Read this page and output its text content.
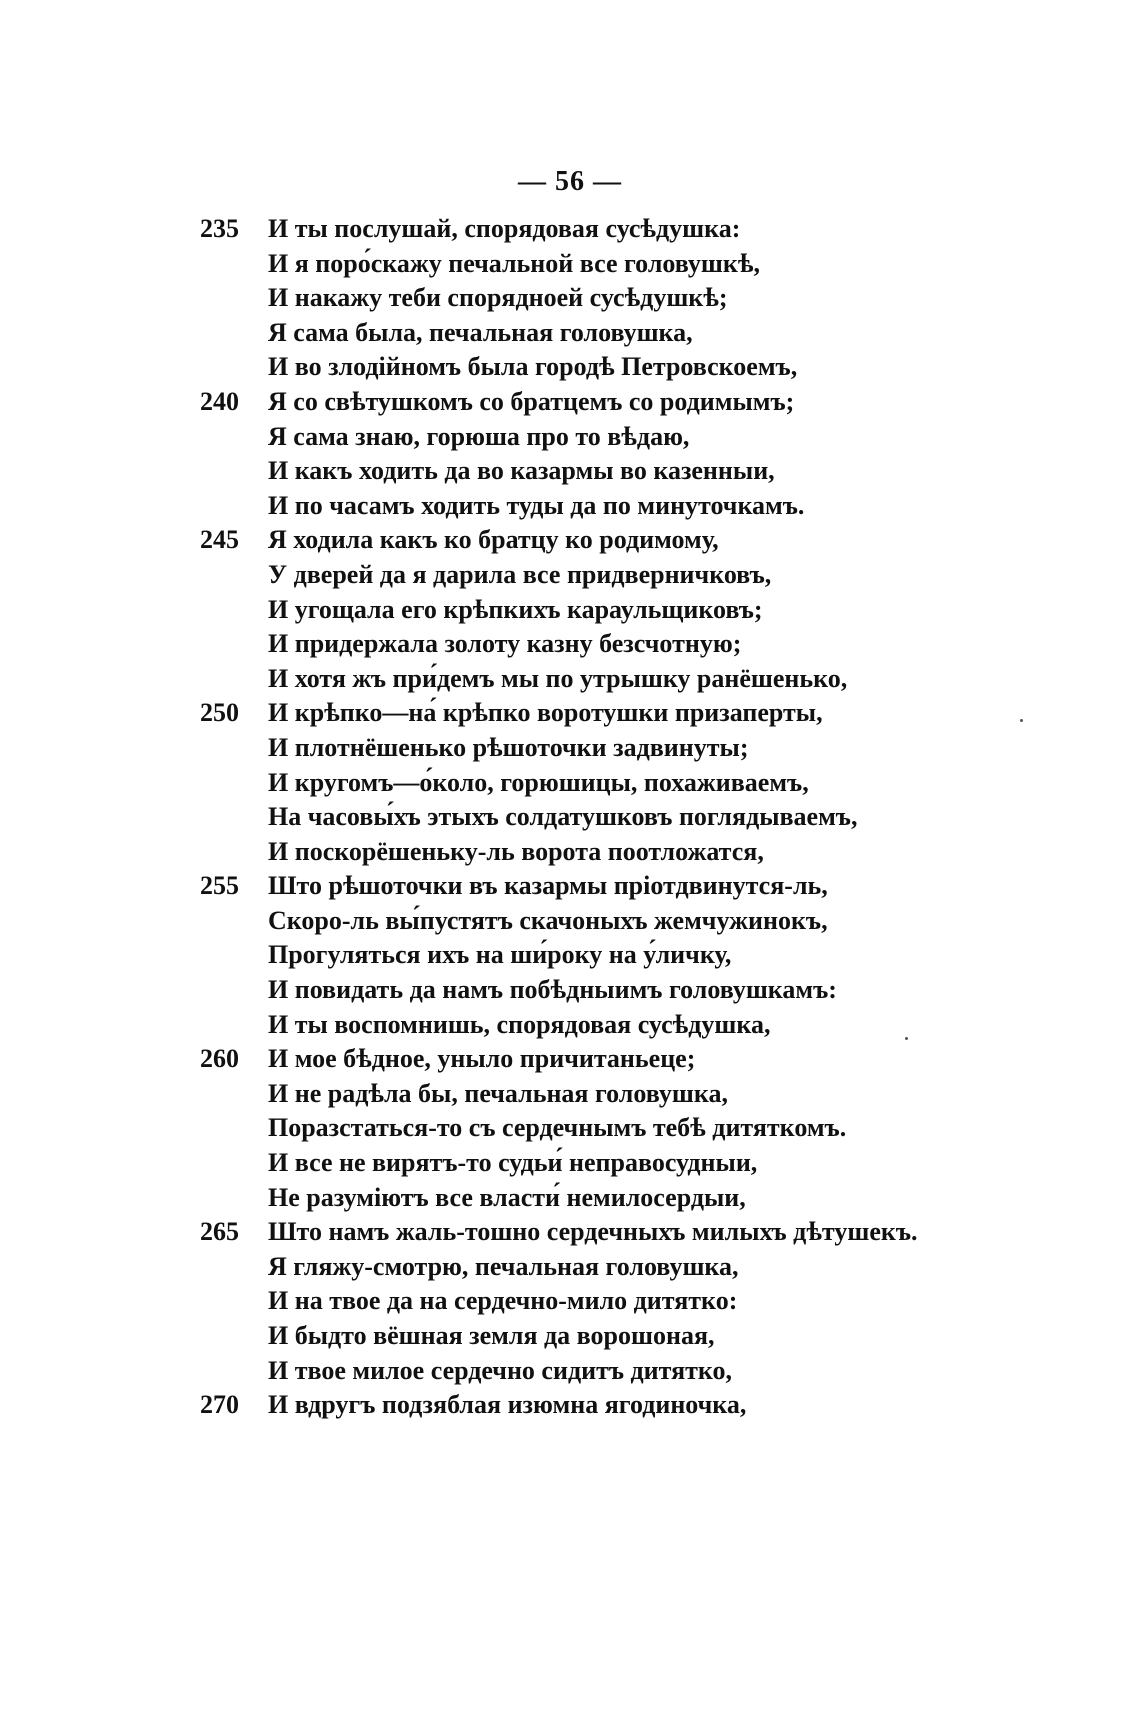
— 56 —
235	И ты послушай, спорядовая сусѣдушка:
И я поро́скажу печальной все головушкѣ,
И накажу теби спорядноей сусѣдушкѣ;
Я сама была, печальная головушка,
И во злодійномъ была городѣ Петровскоемъ,
240	Я со свѣтушкомъ со братцемъ со родимымъ;
Я сама знаю, горюша про то вѣдаю,
И какъ ходить да во казармы во казенныи,
И по часамъ ходить туды да по минуточкамъ.
245	Я ходила какъ ко братцу ко родимому,
У дверей да я дарила все придверничковъ,
И угощала его крѣпкихъ караульщиковъ;
И придержала золоту казну безсчотную;
И хотя жъ при́демъ мы по утрышку ранёшенько,
250	И крѣпко—на́ крѣпко воротушки призаперты,
И плотнёшенько рѣшоточки задвинуты;
И кругомъ—о́коло, горюшицы, похаживаемъ,
На часовы́хъ этыхъ солдатушковъ поглядываемъ,
И поскорёшеньку-ль ворота поотложатся,
255	Што рѣшоточки въ казармы пріотдвинутся-ль,
Скоро-ль вы́пустятъ скачоныхъ жемчужинокъ,
Прогуляться ихъ на ши́року на у́личку,
И повидать да намъ побѣдныимъ головушкамъ:
И ты воспомнишь, спорядовая сусѣдушка,
260	И мое бѣдное, уныло причитаньеце;
И не радѣла бы, печальная головушка,
Поразстаться-то съ сердечнымъ тебѣ дитяткомъ.
И все не вирятъ-то судьи́ неправосудныи,
Не разуміютъ все власти́ немилосердыи,
265	Што намъ жаль-тошно сердечныхъ милыхъ дѣтушекъ.
Я гляжу-смотрю, печальная головушка,
И на твое да на сердечно-мило дитятко:
И быдто вёшная земля да ворошоная,
И твое милое сердечно сидитъ дитятко,
270	И вдругъ подзяблая изюмна ягодиночка,
